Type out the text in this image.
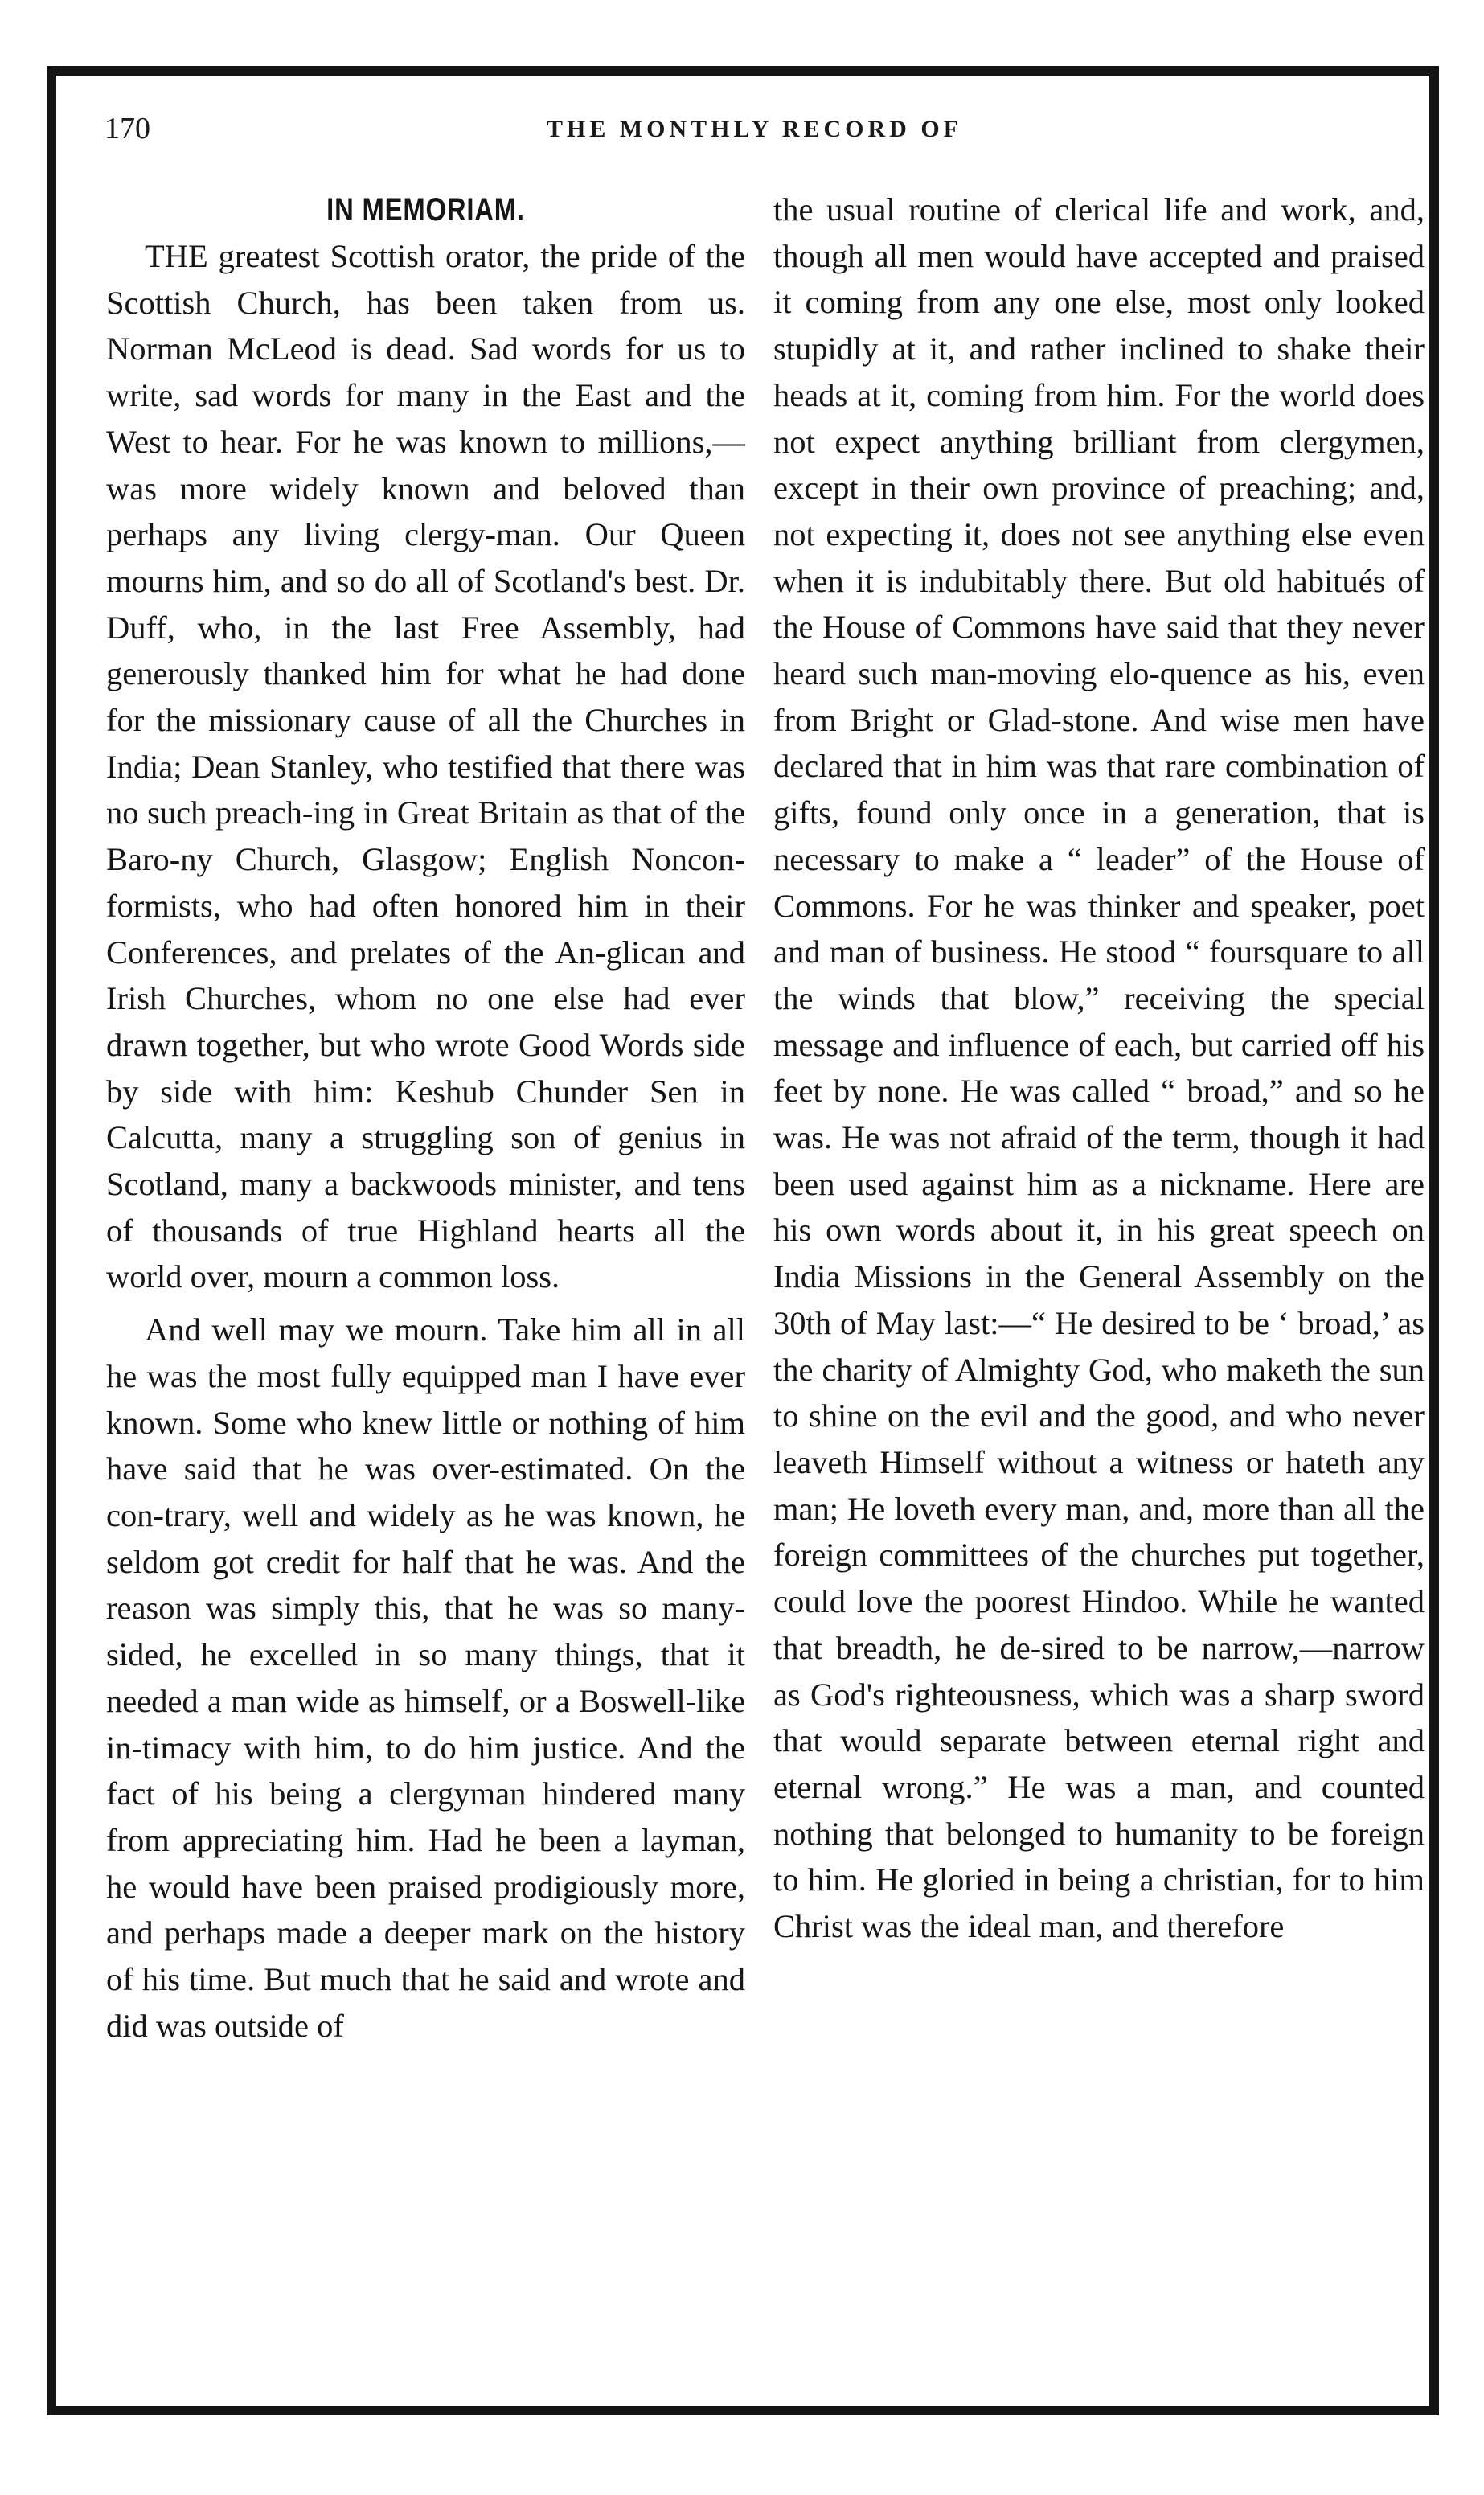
170	THE MONTHLY RECORD OF
IN MEMORIAM.

THE greatest Scottish orator, the pride of the Scottish Church, has been taken from us. Norman McLeod is dead. Sad words for us to write, sad words for many in the East and the West to hear. For he was known to millions,—was more widely known and beloved than perhaps any living clergy-man. Our Queen mourns him, and so do all of Scotland's best. Dr. Duff, who, in the last Free Assembly, had generously thanked him for what he had done for the missionary cause of all the Churches in India; Dean Stanley, who testified that there was no such preach-ing in Great Britain as that of the Baro-ny Church, Glasgow; English Noncon-formists, who had often honored him in their Conferences, and prelates of the An-glican and Irish Churches, whom no one else had ever drawn together, but who wrote Good Words side by side with him: Keshub Chunder Sen in Calcutta, many a struggling son of genius in Scotland, many a backwoods minister, and tens of thousands of true Highland hearts all the world over, mourn a common loss.

And well may we mourn. Take him all in all he was the most fully equipped man I have ever known. Some who knew little or nothing of him have said that he was over-estimated. On the con-trary, well and widely as he was known, he seldom got credit for half that he was. And the reason was simply this, that he was so many-sided, he excelled in so many things, that it needed a man wide as himself, or a Boswell-like in-timacy with him, to do him justice. And the fact of his being a clergyman hindered many from appreciating him. Had he been a layman, he would have been praised prodigiously more, and perhaps made a deeper mark on the history of his time. But much that he said and wrote and did was outside of

the usual routine of clerical life and work, and, though all men would have accepted and praised it coming from any one else, most only looked stupidly at it, and rather inclined to shake their heads at it, coming from him. For the world does not expect anything brilliant from clergymen, except in their own province of preaching; and, not expecting it, does not see anything else even when it is indubitably there. But old habitués of the House of Commons have said that they never heard such man-moving elo-quence as his, even from Bright or Glad-stone. And wise men have declared that in him was that rare combination of gifts, found only once in a generation, that is necessary to make a “ leader” of the House of Commons. For he was thinker and speaker, poet and man of business. He stood “ foursquare to all the winds that blow,” receiving the special message and influence of each, but carried off his feet by none. He was called “ broad,” and so he was. He was not afraid of the term, though it had been used against him as a nickname. Here are his own words about it, in his great speech on India Missions in the General Assembly on the 30th of May last:—“ He desired to be ‘ broad,’ as the charity of Almighty God, who maketh the sun to shine on the evil and the good, and who never leaveth Himself without a witness or hateth any man; He loveth every man, and, more than all the foreign committees of the churches put together, could love the poorest Hindoo. While he wanted that breadth, he de-sired to be narrow,—narrow as God's righteousness, which was a sharp sword that would separate between eternal right and eternal wrong.” He was a man, and counted nothing that belonged to humanity to be foreign to him. He gloried in being a christian, for to him Christ was the ideal man, and therefore
